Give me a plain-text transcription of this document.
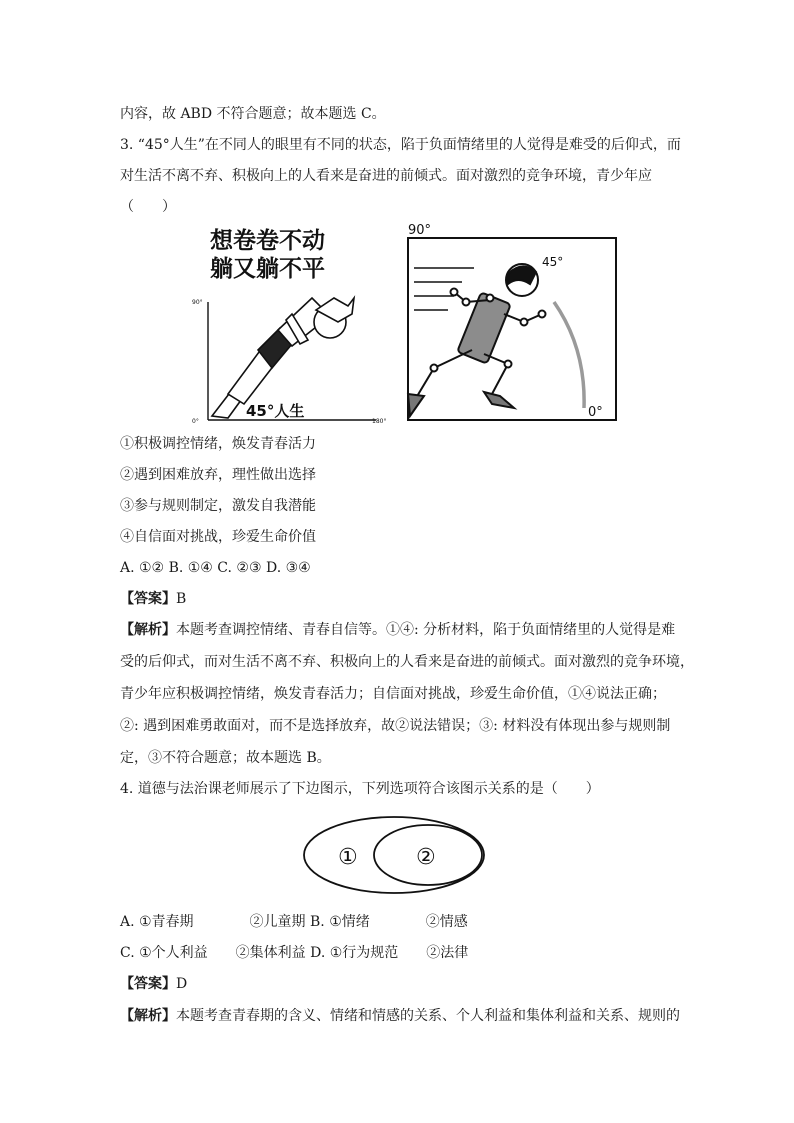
内容，故 ABD 不符合题意；故本题选 C。
3. “45°人生”在不同人的眼里有不同的状态，陷于负面情绪里的人觉得是难受的后仰式，而
对生活不离不弃、积极向上的人看来是奋进的前倾式。面对激烈的竞争环境，青少年应
（　　）
想卷卷不动
躺又躺不平
90°
0°	180°
45°人生
90°
45°
0°
①积极调控情绪，焕发青春活力
②遇到困难放弃，理性做出选择
③参与规则制定，激发自我潜能
④自信面对挑战，珍爱生命价值
A. ①② B. ①④ C. ②③ D. ③④
【答案】B
【解析】本题考查调控情绪、青春自信等。①④: 分析材料，陷于负面情绪里的人觉得是难
受的后仰式，而对生活不离不弃、积极向上的人看来是奋进的前倾式。面对激烈的竞争环境，
青少年应积极调控情绪，焕发青春活力；自信面对挑战，珍爱生命价值，①④说法正确；
②: 遇到困难勇敢面对，而不是选择放弃，故②说法错误；③: 材料没有体现出参与规则制
定，③不符合题意；故本题选 B。
4. 道德与法治课老师展示了下边图示，下列选项符合该图示关系的是（　　）
①	②
A. ①青春期　　　　②儿童期 B. ①情绪　　　　②情感
C. ①个人利益　　②集体利益 D. ①行为规范　　②法律
【答案】D
【解析】本题考查青春期的含义、情绪和情感的关系、个人利益和集体利益和关系、规则的
